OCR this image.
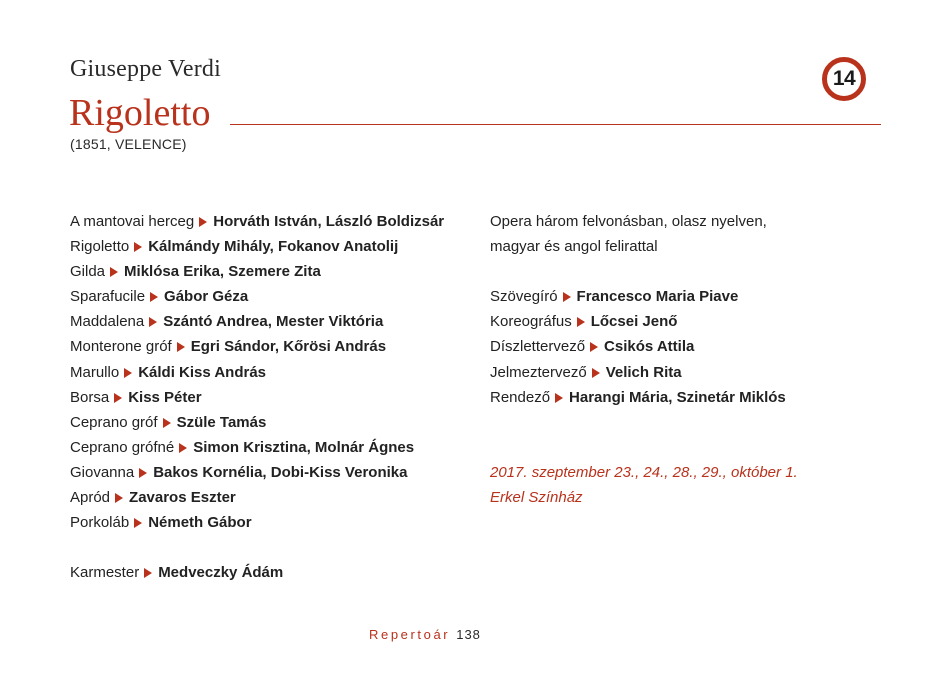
Giuseppe Verdi
Rigoletto
(1851, VELENCE)
14
A mantovai herceg Horváth István, László Boldizsár
Rigoletto Kálmándy Mihály, Fokanov Anatolij
Gilda Miklósa Erika, Szemere Zita
Sparafucile Gábor Géza
Maddalena Szántó Andrea, Mester Viktória
Monterone gróf Egri Sándor, Kőrösi András
Marullo Káldi Kiss András
Borsa Kiss Péter
Ceprano gróf Szüle Tamás
Ceprano grófné Simon Krisztina, Molnár Ágnes
Giovanna Bakos Kornélia, Dobi-Kiss Veronika
Apród Zavaros Eszter
Porkoláb Németh Gábor
Karmester Medveczky Ádám
Opera három felvonásban, olasz nyelven,
magyar és angol felirattal
Szövegíró Francesco Maria Piave
Koreográfus Lőcsei Jenő
Díszlettervező Csikós Attila
Jelmeztervező Velich Rita
Rendező Harangi Mária, Szinetár Miklós
2017. szeptember 23., 24., 28., 29., október 1.
Erkel Színház
Repertoár 138
